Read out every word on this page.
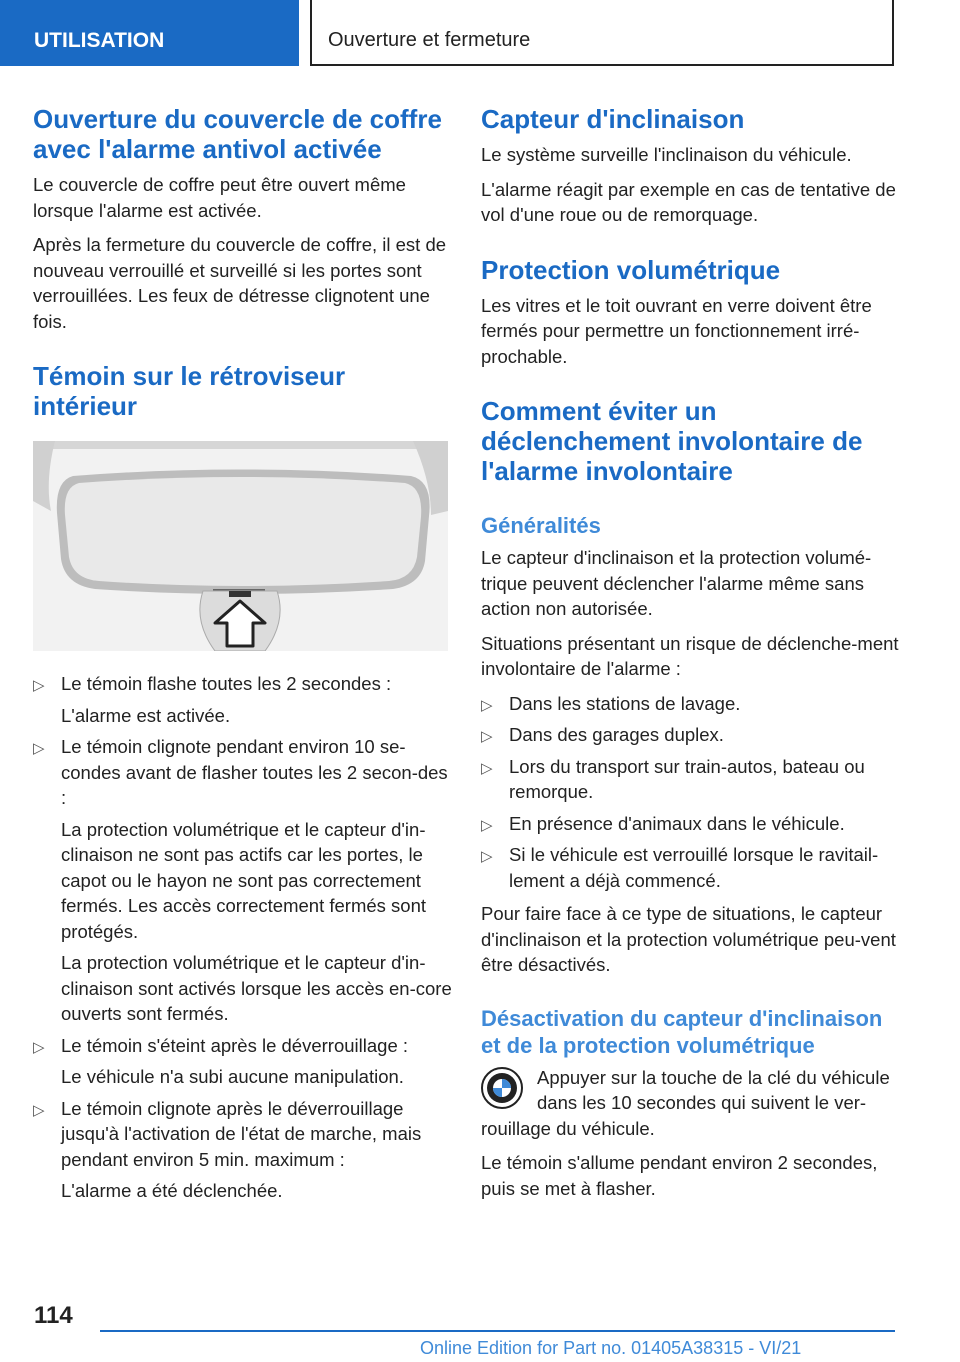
UTILISATION	Ouverture et fermeture
Ouverture du couvercle de coffre avec l'alarme antivol activée

Le couvercle de coffre peut être ouvert même lorsque l'alarme est activée.

Après la fermeture du couvercle de coffre, il est de nouveau verrouillé et surveillé si les portes sont verrouillées. Les feux de détresse clignotent une fois.

Témoin sur le rétroviseur intérieur
▷ Le témoin flashe toutes les 2 secondes :

L'alarme est activée.

▷ Le témoin clignote pendant environ 10 se-condes avant de flasher toutes les 2 secon-des :

La protection volumétrique et le capteur d'in-clinaison ne sont pas actifs car les portes, le capot ou le hayon ne sont pas correctement fermés. Les accès correctement fermés sont protégés.

La protection volumétrique et le capteur d'in-clinaison sont activés lorsque les accès en-core ouverts sont fermés.

▷ Le témoin s'éteint après le déverrouillage :

Le véhicule n'a subi aucune manipulation.

▷ Le témoin clignote après le déverrouillage jusqu'à l'activation de l'état de marche, mais pendant environ 5 min. maximum :

L'alarme a été déclenchée.

Capteur d'inclinaison

Le système surveille l'inclinaison du véhicule.

L'alarme réagit par exemple en cas de tentative de vol d'une roue ou de remorquage.

Protection volumétrique

Les vitres et le toit ouvrant en verre doivent être fermés pour permettre un fonctionnement irré-prochable.

Comment éviter un déclenchement involontaire de l'alarme involontaire
Généralités

Le capteur d'inclinaison et la protection volumé-trique peuvent déclencher l'alarme même sans action non autorisée.

Situations présentant un risque de déclenche-ment involontaire de l'alarme :

▷ Dans les stations de lavage.

▷ Dans des garages duplex.

▷ Lors du transport sur train-autos, bateau ou remorque.

▷ En présence d'animaux dans le véhicule.

▷ Si le véhicule est verrouillé lorsque le ravitail-lement a déjà commencé.

Pour faire face à ce type de situations, le capteur d'inclinaison et la protection volumétrique peu-vent être désactivés.

Désactivation du capteur d'inclinaison et de la protection volumétrique

Appuyer sur la touche de la clé du véhicule dans les 10 secondes qui suivent le ver-rouillage du véhicule.

Le témoin s'allume pendant environ 2 secondes, puis se met à flasher.

114
Online Edition for Part no. 01405A38315 - VI/21
